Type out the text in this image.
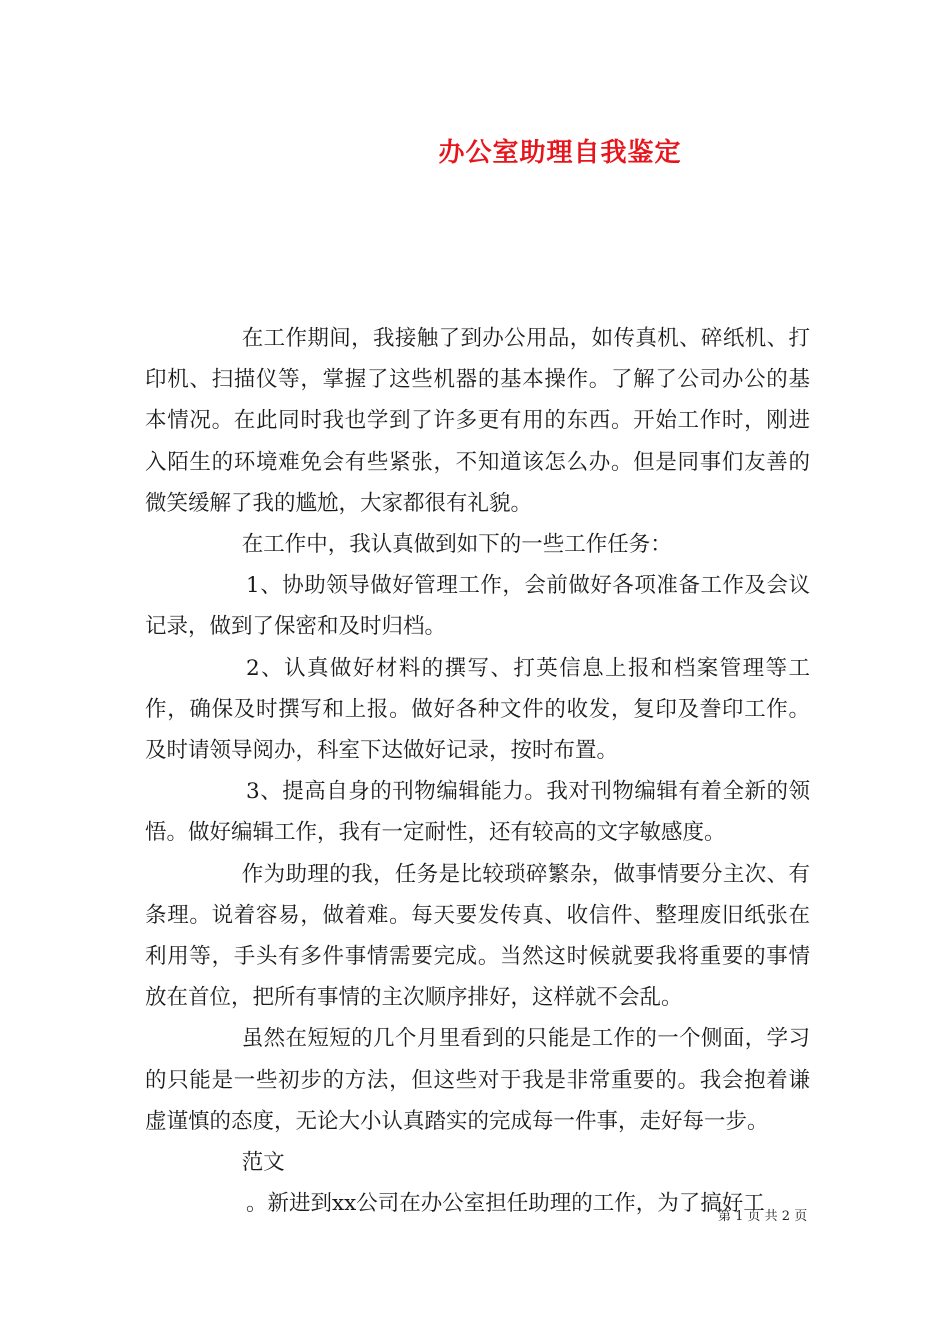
办公室助理自我鉴定

在工作期间，我接触了到办公用品，如传真机、碎纸机、打印机、扫描仪等，掌握了这些机器的基本操作。了解了公司办公的基本情况。在此同时我也学到了许多更有用的东西。开始工作时，刚进入陌生的环境难免会有些紧张，不知道该怎么办。但是同事们友善的微笑缓解了我的尴尬，大家都很有礼貌。

在工作中，我认真做到如下的一些工作任务：

1、协助领导做好管理工作，会前做好各项准备工作及会议记录，做到了保密和及时归档。

2、认真做好材料的撰写、打英信息上报和档案管理等工作，确保及时撰写和上报。做好各种文件的收发，复印及誊印工作。及时请领导阅办，科室下达做好记录，按时布置。

3、提高自身的刊物编辑能力。我对刊物编辑有着全新的领悟。做好编辑工作，我有一定耐性，还有较高的文字敏感度。

作为助理的我，任务是比较琐碎繁杂，做事情要分主次、有条理。说着容易，做着难。每天要发传真、收信件、整理废旧纸张在利用等，手头有多件事情需要完成。当然这时候就要我将重要的事情放在首位，把所有事情的主次顺序排好，这样就不会乱。

虽然在短短的几个月里看到的只能是工作的一个侧面，学习的只能是一些初步的方法，但这些对于我是非常重要的。我会抱着谦虚谨慎的态度，无论大小认真踏实的完成每一件事，走好每一步。

范文

。新进到xx公司在办公室担任助理的工作，为了搞好工

第 1 页 共 2 页
